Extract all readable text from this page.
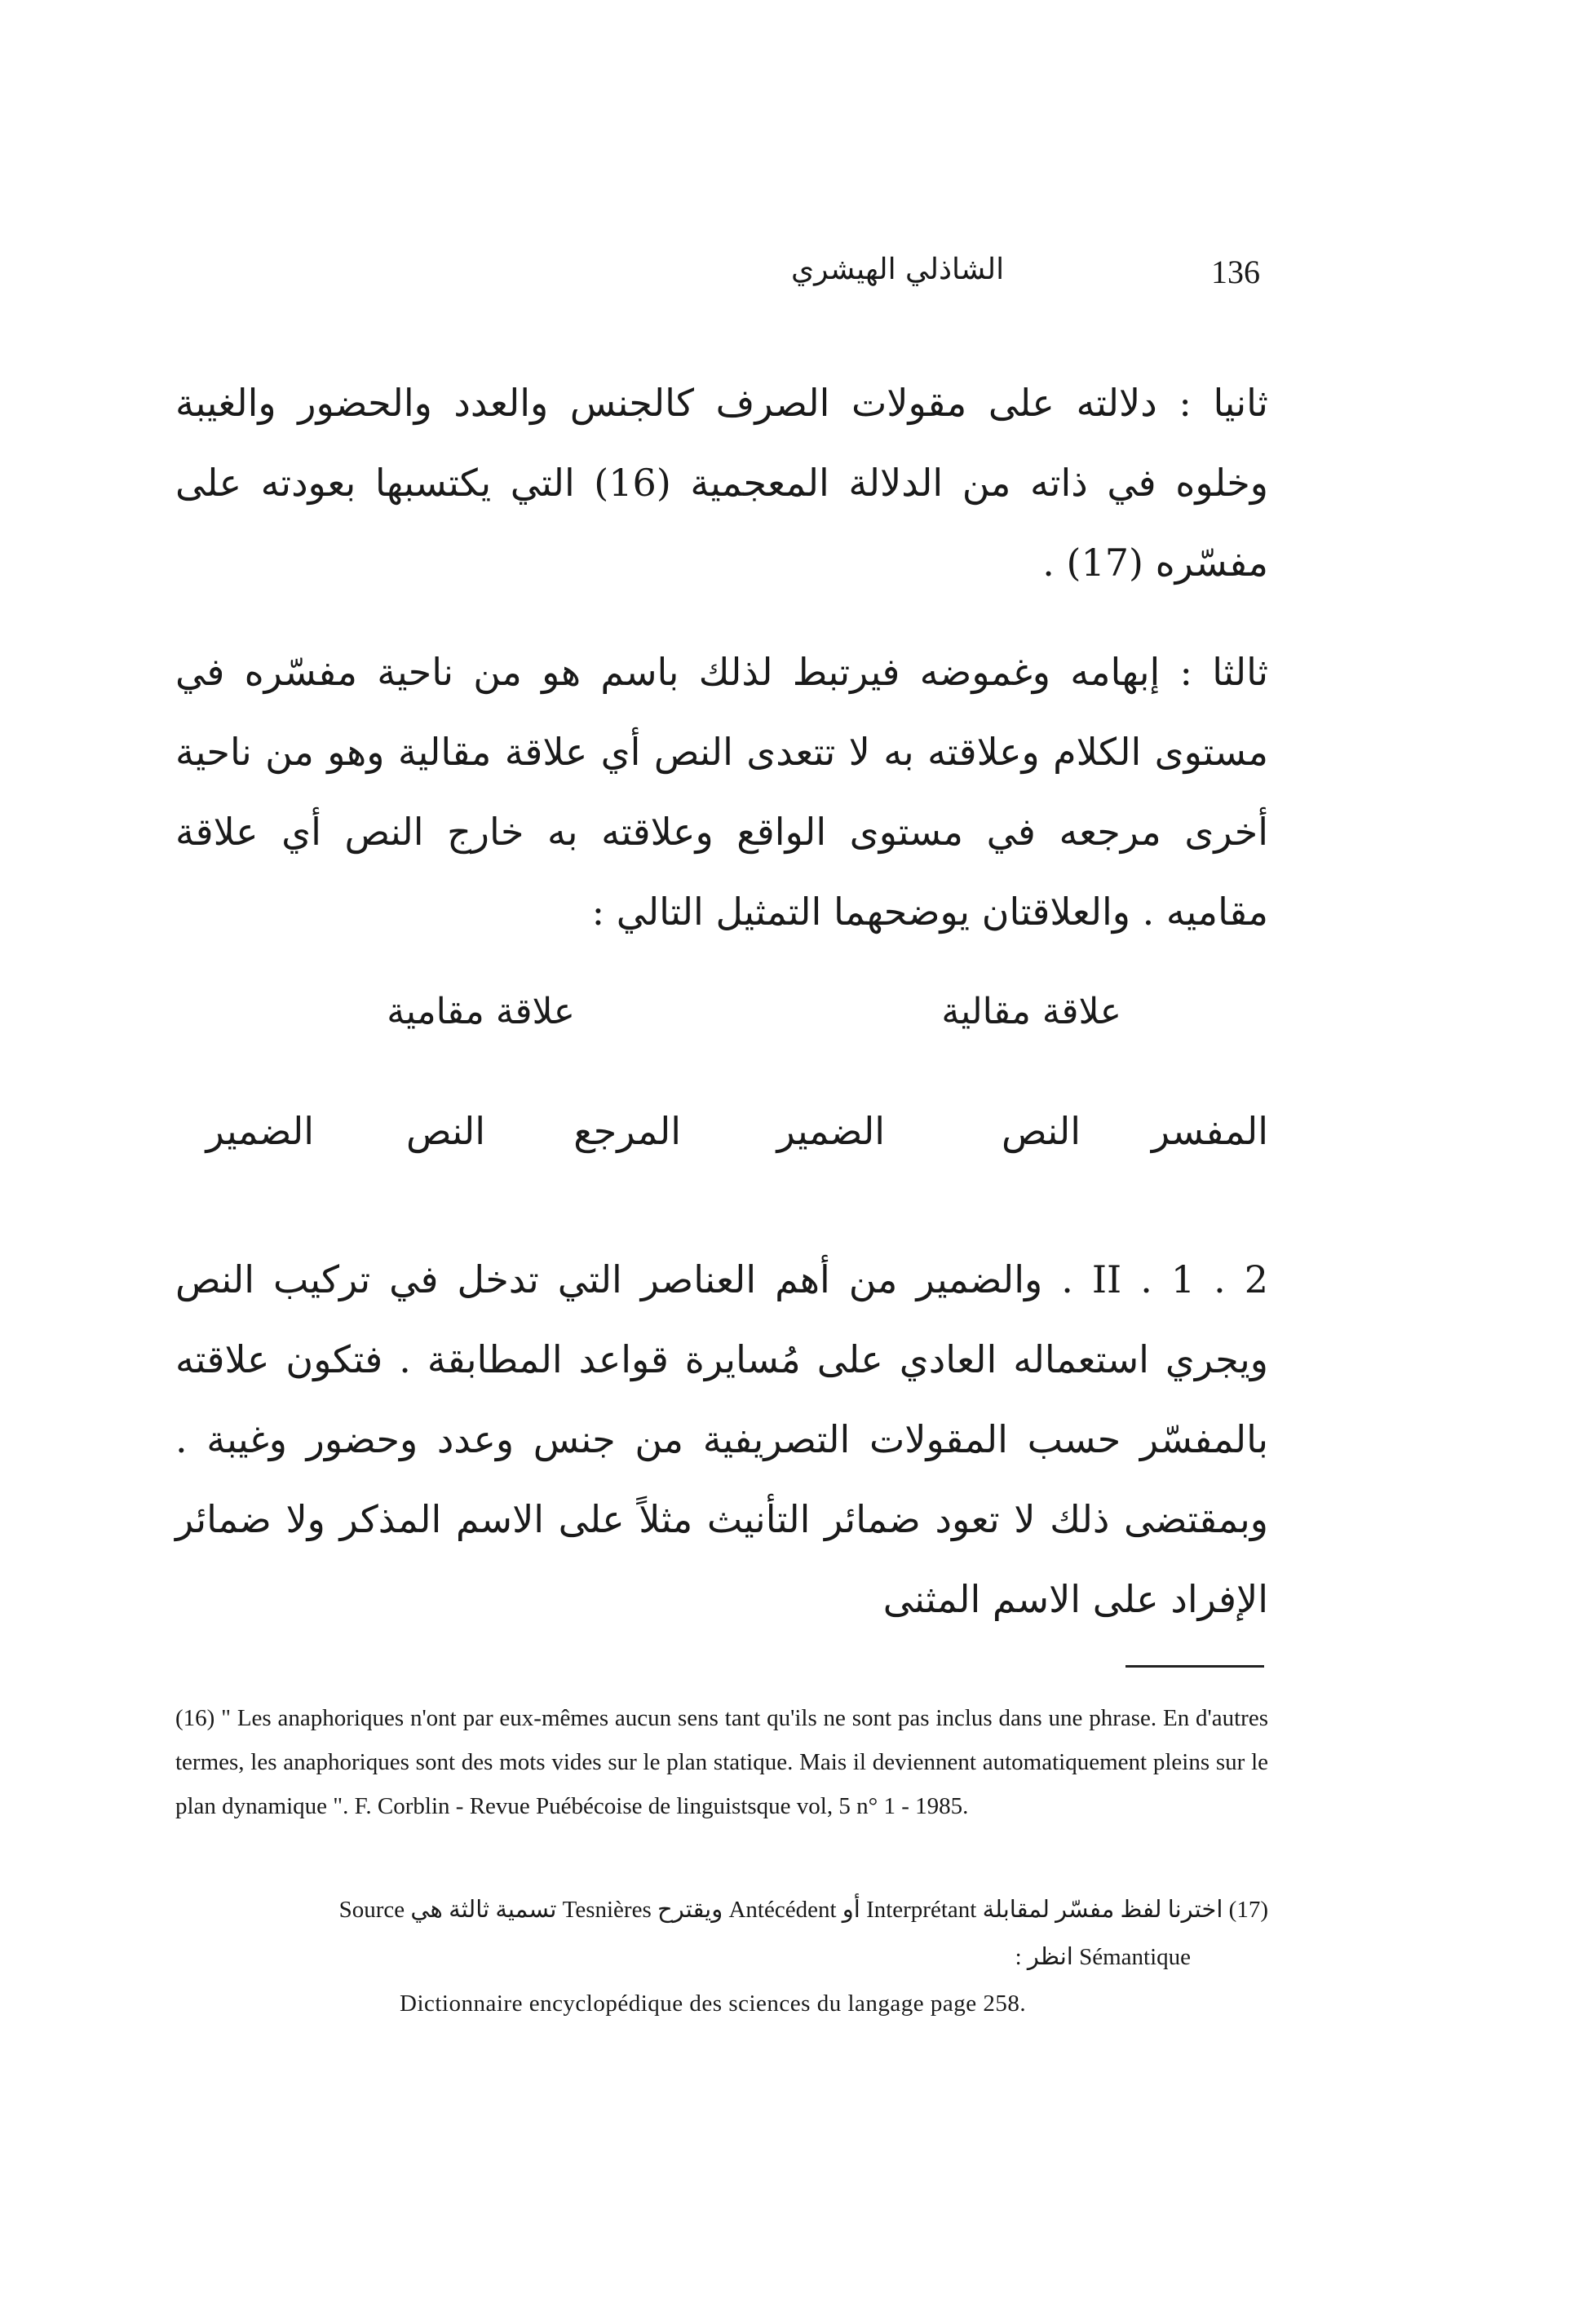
136
الشاذلي الهيشري

ثانيا : دلالته على مقولات الصرف كالجنس والعدد والحضور والغيبة وخلوه في ذاته من الدلالة المعجمية (16) التي يكتسبها بعودته على مفسّره (17) .

ثالثا : إبهامه وغموضه فيرتبط لذلك باسم هو من ناحية مفسّره في مستوى الكلام وعلاقته به لا تتعدى النص أي علاقة مقالية وهو من ناحية أخرى مرجعه في مستوى الواقع وعلاقته به خارج النص أي علاقة مقاميه . والعلاقتان يوضحهما التمثيل التالي :

علاقة مقالية
علاقة مقامية
المفسر
النص
الضمير
المرجع
النص
الضمير

II . 1 . 2 . والضمير من أهم العناصر التي تدخل في تركيب النص ويجري استعماله العادي على مُسايرة قواعد المطابقة . فتكون علاقته بالمفسّر حسب المقولات التصريفية من جنس وعدد وحضور وغيبة . وبمقتضى ذلك لا تعود ضمائر التأنيث مثلاً على الاسم المذكر ولا ضمائر الإفراد على الاسم المثنى

(16) " Les anaphoriques n'ont par eux-mêmes aucun sens tant qu'ils ne sont pas inclus dans une phrase. En d'autres termes, les anaphoriques sont des mots vides sur le plan statique. Mais il deviennent automatiquement pleins sur le plan dynamique ". F. Corblin - Revue Puébécoise de linguistsque vol, 5 n° 1 - 1985.
(17) اخترنا لفظ مفسّر لمقابلة Interprétant أو Antécédent ويقترح Tesnières تسمية ثالثة هي Source
Sémantique انظر :
Dictionnaire encyclopédique des sciences du langage page 258.
